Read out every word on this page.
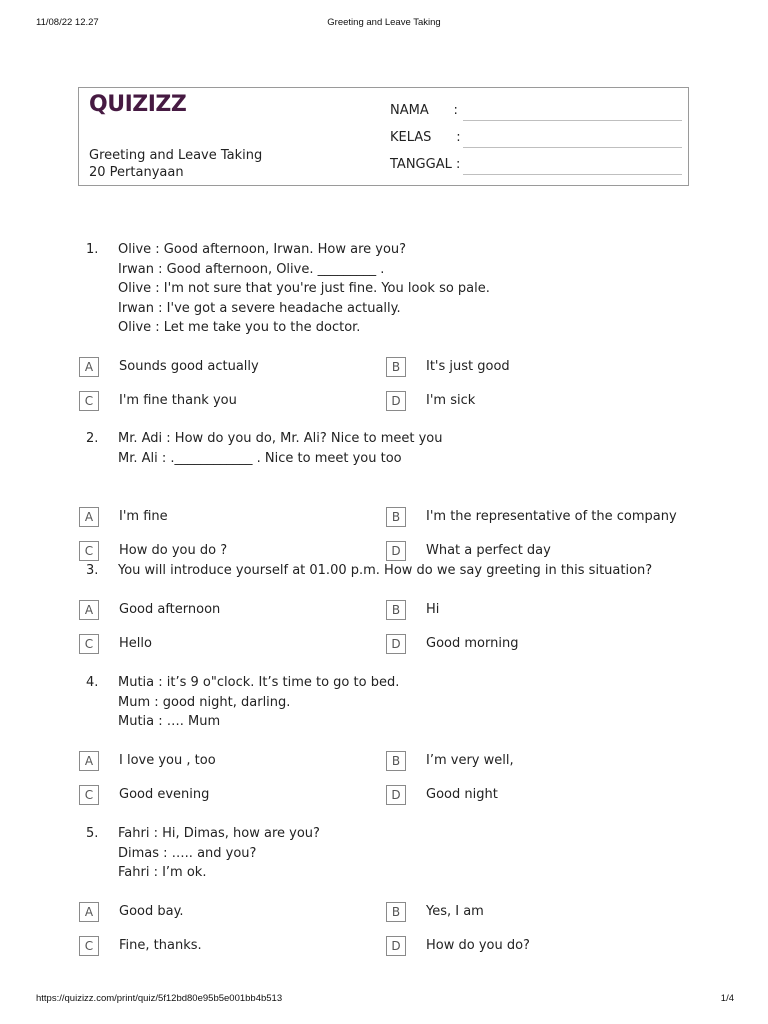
11/08/22 12.27	Greeting and Leave Taking
QUIZIZZ
Greeting and Leave Taking
20 Pertanyaan
NAMA      :
KELAS      :
TANGGAL :
1. Olive : Good afternoon, Irwan. How are you?
Irwan : Good afternoon, Olive. _________ .
Olive : I'm not sure that you're just fine. You look so pale.
Irwan : I've got a severe headache actually.
Olive : Let me take you to the doctor.
A	Sounds good actually	B	It's just good
C	I'm fine thank you	D	I'm sick
2. Mr. Adi : How do you do, Mr. Ali? Nice to meet you
Mr. Ali : .____________ . Nice to meet you too
A	I'm fine	B	I'm the representative of the company
C	How do you do ?	D	What a perfect day
3. You will introduce yourself at 01.00 p.m. How do we say greeting in this situation?
A	Good afternoon	B	Hi
C	Hello	D	Good morning
4. Mutia : it’s 9 o"clock. It’s time to go to bed.
Mum : good night, darling.
Mutia : …. Mum
A	I love you , too	B	I’m very well,
C	Good evening	D	Good night
5. Fahri : Hi, Dimas, how are you?
Dimas : ….. and you?
Fahri : I’m ok.
A	Good bay.	B	Yes, I am
C	Fine, thanks.	D	How do you do?
https://quizizz.com/print/quiz/5f12bd80e95b5e001bb4b513	1/4
